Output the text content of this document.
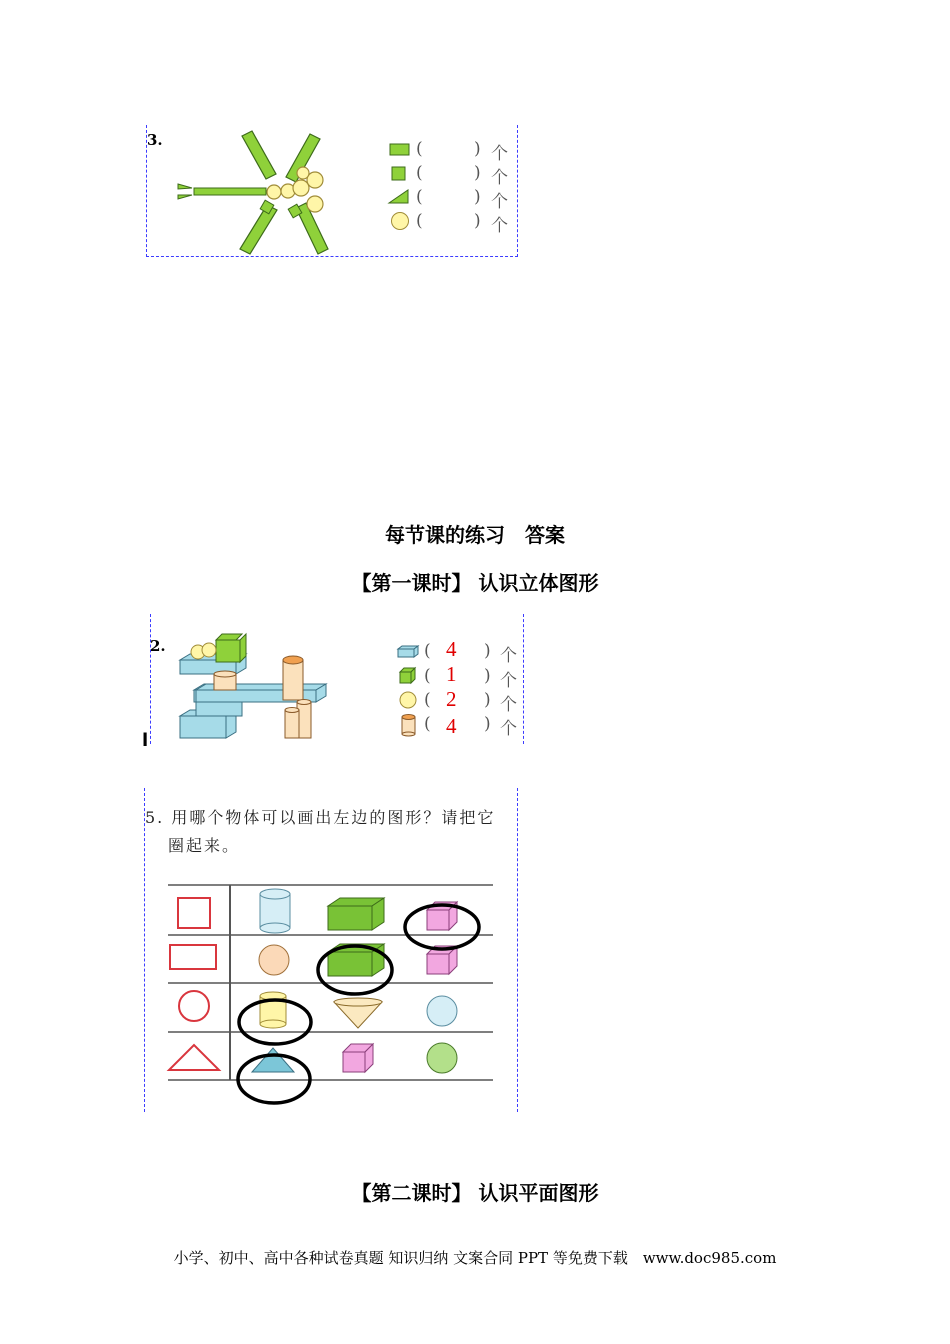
3.	(	) 个
(	) 个
(	) 个
(	) 个
每节课的练习　答案
【第一课时】 认识立体图形
2.
l
( 4 ) 个
( 1 ) 个
( 2 ) 个
( 4 ) 个
5. 用哪个物体可以画出左边的图形？请把它
圈起来。
【第二课时】 认识平面图形
小学、初中、高中各种试卷真题 知识归纳 文案合同 PPT 等免费下载　www.doc985.com
